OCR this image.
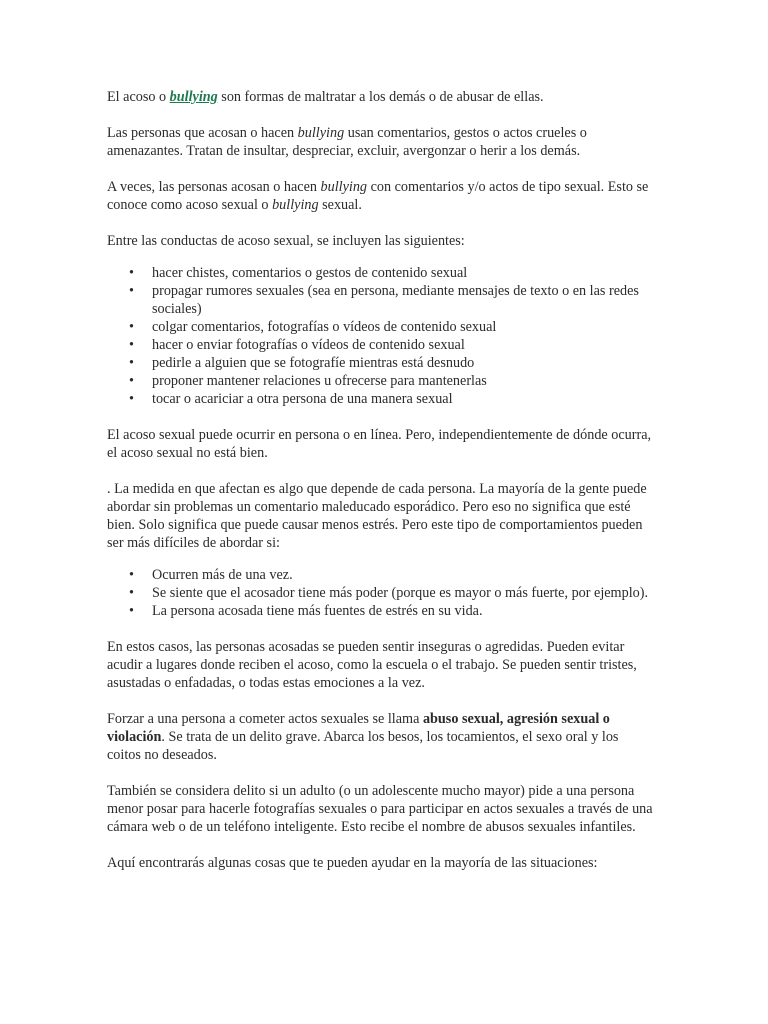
El acoso o bullying son formas de maltratar a los demás o de abusar de ellas.

Las personas que acosan o hacen bullying usan comentarios, gestos o actos crueles o amenazantes. Tratan de insultar, despreciar, excluir, avergonzar o herir a los demás.

A veces, las personas acosan o hacen bullying con comentarios y/o actos de tipo sexual. Esto se conoce como acoso sexual o bullying sexual.

Entre las conductas de acoso sexual, se incluyen las siguientes:

• hacer chistes, comentarios o gestos de contenido sexual
• propagar rumores sexuales (sea en persona, mediante mensajes de texto o en las redes sociales)
• colgar comentarios, fotografías o vídeos de contenido sexual
• hacer o enviar fotografías o vídeos de contenido sexual
• pedirle a alguien que se fotografíe mientras está desnudo
• proponer mantener relaciones u ofrecerse para mantenerlas
• tocar o acariciar a otra persona de una manera sexual

El acoso sexual puede ocurrir en persona o en línea. Pero, independientemente de dónde ocurra, el acoso sexual no está bien.

. La medida en que afectan es algo que depende de cada persona. La mayoría de la gente puede abordar sin problemas un comentario maleducado esporádico. Pero eso no significa que esté bien. Solo significa que puede causar menos estrés. Pero este tipo de comportamientos pueden ser más difíciles de abordar si:

• Ocurren más de una vez.
• Se siente que el acosador tiene más poder (porque es mayor o más fuerte, por ejemplo).
• La persona acosada tiene más fuentes de estrés en su vida.

En estos casos, las personas acosadas se pueden sentir inseguras o agredidas. Pueden evitar acudir a lugares donde reciben el acoso, como la escuela o el trabajo. Se pueden sentir tristes, asustadas o enfadadas, o todas estas emociones a la vez.

Forzar a una persona a cometer actos sexuales se llama abuso sexual, agresión sexual o violación. Se trata de un delito grave. Abarca los besos, los tocamientos, el sexo oral y los coitos no deseados.

También se considera delito si un adulto (o un adolescente mucho mayor) pide a una persona menor posar para hacerle fotografías sexuales o para participar en actos sexuales a través de una cámara web o de un teléfono inteligente. Esto recibe el nombre de abusos sexuales infantiles.

Aquí encontrarás algunas cosas que te pueden ayudar en la mayoría de las situaciones:
